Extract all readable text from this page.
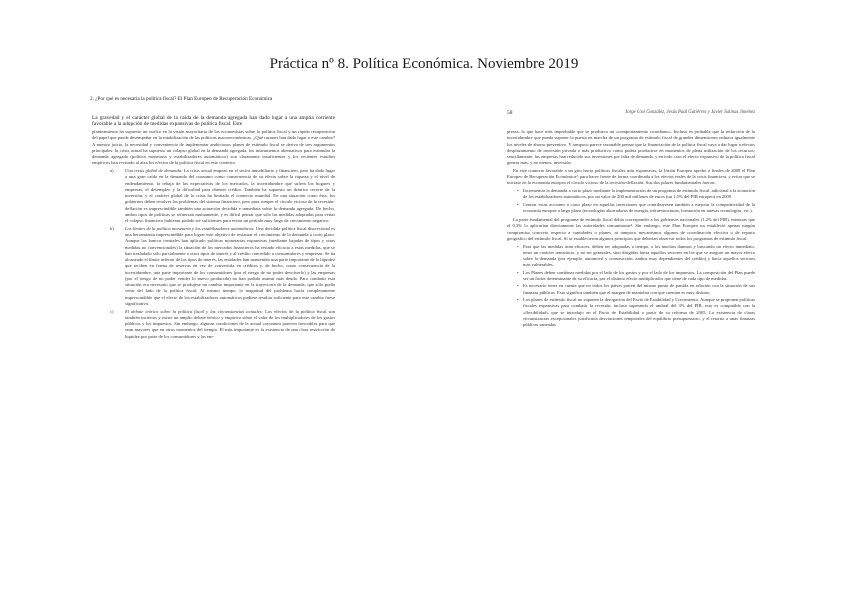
Práctica nº 8. Política Económica. Noviembre 2019
2. ¿Por qué es necesaria la política fiscal? El Plan Europeo de Recuperación Económica

La gravedad y el carácter global de la caída de la demanda agregada han dado lugar a una amplia corriente favorable a la adopción de medidas expansivas de política fiscal. Este

planteamiento ha supuesto un vuelco en la visión mayoritaria de los economistas sobre la política fiscal y un rápido recuperación del papel que puede desempeñar en la estabilización de las políticas macroeconómicas. ¿Qué razones han dado lugar a este cambio? A nuestro juicio, la necesidad y conveniencia de implementar ambiciosos planes de estímulo fiscal se deriva de tres argumentos principales: la crisis actual ha supuesto un colapso global en la demanda agregada, los instrumentos alternativos para estimular la demanda agregada (política monetaria y estabilizadores automáticos) son claramente insuficientes y los recientes estudios empíricos han revisado al alza los efectos de la política fiscal en este contexto.

a) Una crisis global de demanda: La crisis actual empezó en el sector inmobiliario y financiero, pero ha dado lugar a una gran caída en la demanda del consumo como consecuencia de su efecto sobre la riqueza y el nivel de endeudamiento, la rebaja de las expectativas de los mercados, la incertidumbre que sufren los hogares y empresas, el desempleo y la dificultad para obtener crédito. También ha supuesto un drástico recorte de la inversión, y el carácter global de la crisis ha limitado el comercio mundial. En una situación como ésta, los gobiernos deben resolver los problemas del sistema financiero, pero para romper el círculo vicioso de la recesión-deflación es imprescindible también una actuación decidida e inmediata sobre la demanda agregada. De hecho, ambos tipos de políticas se refuerzan mutuamente, y es difícil pensar que sólo las medidas adoptadas para evitar el colapso financiero hubieran podido ser suficientes para evitar un período muy largo de crecimiento negativo.
b) Los límites de la política monetaria y los estabilizadores automáticos: Una decidida política fiscal discrecional es una herramienta imprescindible para lograr este objetivo de restaurar el crecimiento de la demanda a corto plazo. Aunque los bancos centrales han aplicado políticas monetarias expansivas (mediante bajadas de tipos y otras medidas no convencionales) la situación de los mercados financieros ha restado eficacia a estas medidas, que se han trasladado sólo parcialmente a otros tipos de interés y al crédito concedido a consumidores y empresas. Se ha alcanzado el límite inferior de los tipos de interés, las entidades han mantenido una parte importante de la liquidez que reciben en forma de reservas en vez de convertirla en créditos y, de hecho, como consecuencia de la incertidumbre, una parte importante de los consumidores (por el riesgo de no poder devolverlo) y las empresas (por el riesgo de no poder vender lo nuevo producido) no han podido asumir más deuda. Para combatir esta situación era necesario que se produjese un cambio importante en la trayectoria de la demanda, que sólo podía venir del lado de la política fiscal. Al mismo tiempo, lo magnitud del problema hacía completamente imprescindible que el efecto de los estabilizadores automáticos pudiese resultar suficiente para este cambio fuese significativo.
c) El debate teórico sobre la política fiscal y las circunstancias actuales: Los efectos de la política fiscal son también inciertos y existe un amplio debate teórico y empírico sobre el valor de los multiplicadores de los gastos públicos y los impuestos. Sin embargo, algunas condiciones de la actual coyuntura parecen favorables para que sean mayores que en otros momentos del tiempo. El más importante es la existencia de una clara restricción de liquidez por parte de los consumidores y las em-
58	Jorge Uxó González, Jesús Paúl Gutiérrez y Javier Salinas Jiménez

presas, lo que hace más improbable que se produzca un «comportamiento ricardiano». Incluso es probable que la reducción de la incertidumbre que pueda suponer la puesta en marcha de un programa de estímulo fiscal de grandes dimensiones reduzca igualmente los niveles de ahorro preventivo. Y tampoco parece razonable pensar que la financiación de la política fiscal vaya a dar lugar a efectos desplazamiento de inversión privada o más productivo como podría producirse en momentos de plena utilización de los recursos; sencillamente, las empresas han reducido sus inversiones por falta de demanda, y en todo caso el efecto expansivo de la política fiscal genera más, y no menos, inversión.

En este contexto favorable a un giro hacia políticas fiscales más expansivas, la Unión Europea aprobó a finales de 2008 el Plan Europeo de Recuperación Económica³, para hacer frente de forma coordinada a los efectos reales de la crisis financiera, y evitar que se iniciase en la economía europea el círculo vicioso de la recesión-deflación. Sus dos pilares fundamentales fueron:

• Incrementar la demanda a corto plazo mediante la implementación de un programa de estímulo fiscal, adicional a la actuación de los estabilizadores automáticos, por un valor de 200 mil millones de euros (un 1,5% del PIB europeo) en 2009.
• Centrar estas acciones a corto plazo en aquellas inversiones que contribuyesen también a mejorar la competitividad de la economía europea a largo plazo (tecnologías ahorradoras de energía, infraestructuras, formación en nuevas tecnologías, etc.).

La parte fundamental del programa de estímulo fiscal debía corresponder a los gobiernos nacionales (1,2% del PIB), mientras que el 0,3% lo aplicarían directamente las autoridades comunitarias⁴. Sin embargo, este Plan Europeo no estableció apenas ningún compromiso concreto respecto a cantidades o planes, ni tampoco mecanismos algunos de coordinación efectiva o de reparto geográfico del estímulo fiscal. Sí se establecieron algunos principios que deberían observar todos los programas de estímulo fiscal:

• Para que las medidas sean eficaces, deben ser adoptadas a tiempo, a los muchos damnos y buscando un efecto inmediato, tener un carácter transitorio, y no ser generales, sino dirigidas hacia aquellos sectores en los que se asegure un mayor efecto sobre la demanda (por ejemplo, automóvil y construcción, ambos muy dependientes del crédito) y hacia aquellos sectores más vulnerables.
• Los Planes deben combinar medidas por el lado de los gastos y por el lado de los impuestos. La composición del Plan puede ser un factor determinante de su eficacia, por el distinto efecto multiplicador que tiene de cada tipo de medidas.
• Es necesario tener en cuenta que no todos los países parten del mismo punto de partida en relación con la situación de sus finanzas públicas. Esto significa también que el margen de maniobra con que cuentan es muy distinto.
• Los planes de estímulo fiscal no suponen la derogación del Pacto de Estabilidad y Crecimiento. Aunque se proponen políticas fiscales expansivas para combatir la recesión, incluso superando el umbral del 3% del PIB, esto es compatible con la «flexibilidad» que se introdujo en el Pacto de Estabilidad a partir de su reforma de 2005. La existencia de claras circunstancias excepcionales justificaría desviaciones temporales del equilibrio presupuestario, y el retorno a unas finanzas públicas saneadas
